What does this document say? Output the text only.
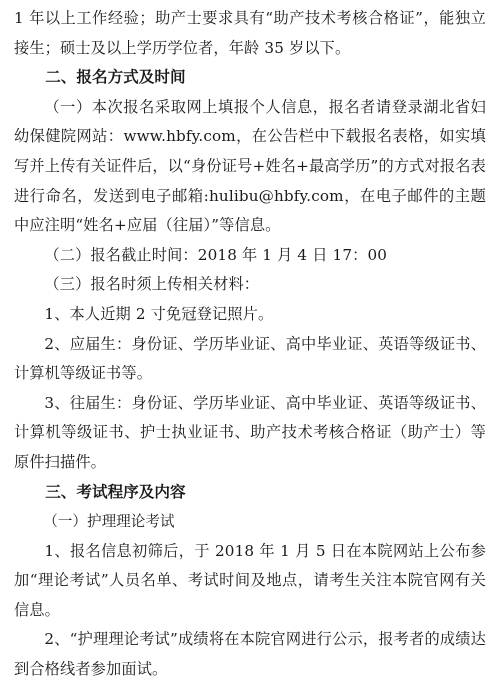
1 年以上工作经验；助产士要求具有“助产技术考核合格证”，能独立接生；硕士及以上学历学位者，年龄 35 岁以下。

二、报名方式及时间

（一）本次报名采取网上填报个人信息，报名者请登录湖北省妇幼保健院网站：www.hbfy.com，在公告栏中下载报名表格，如实填写并上传有关证件后，以“身份证号+姓名+最高学历”的方式对报名表进行命名，发送到电子邮箱:hulibu@hbfy.com，在电子邮件的主题中应注明“姓名+应届（往届）”等信息。

（二）报名截止时间：2018 年 1 月 4 日 17：00

（三）报名时须上传相关材料：

1、本人近期 2 寸免冠登记照片。

2、应届生：身份证、学历毕业证、高中毕业证、英语等级证书、计算机等级证书等。

3、往届生：身份证、学历毕业证、高中毕业证、英语等级证书、计算机等级证书、护士执业证书、助产技术考核合格证（助产士）等原件扫描件。

三、考试程序及内容

（一）护理理论考试

1、报名信息初筛后，于 2018 年 1 月 5 日在本院网站上公布参加“理论考试”人员名单、考试时间及地点，请考生关注本院官网有关信息。

2、“护理理论考试”成绩将在本院官网进行公示，报考者的成绩达到合格线者参加面试。
